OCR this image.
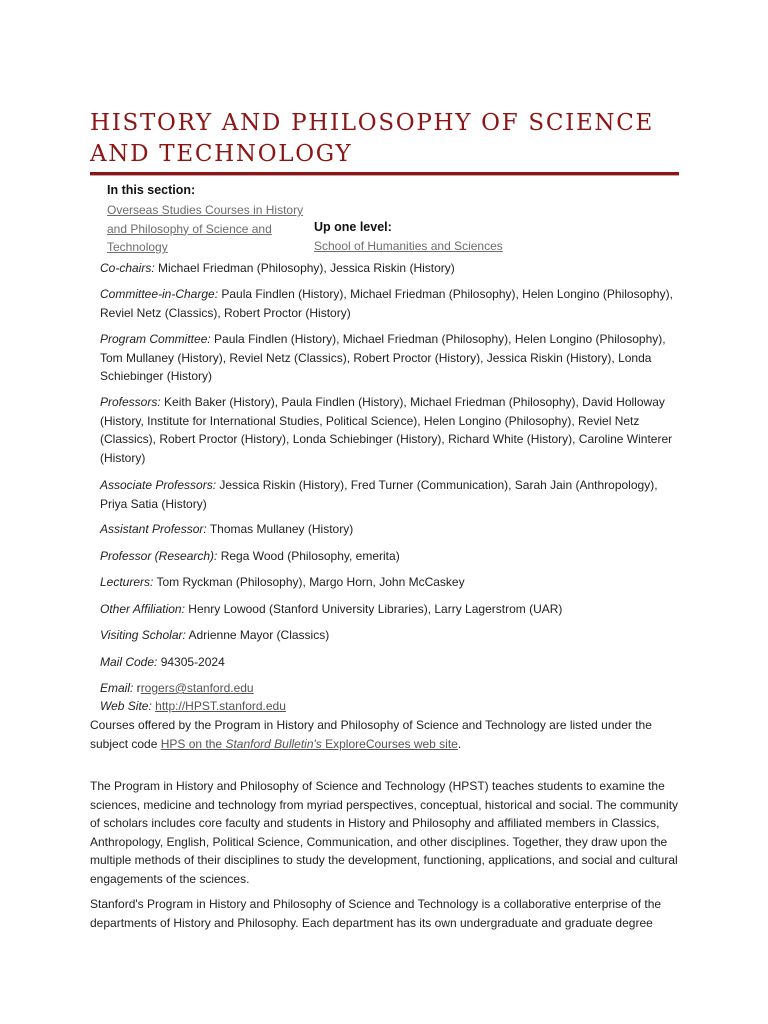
HISTORY AND PHILOSOPHY OF SCIENCE AND TECHNOLOGY
In this section:
Overseas Studies Courses in History and Philosophy of Science and Technology
Up one level:
School of Humanities and Sciences
Co-chairs: Michael Friedman (Philosophy), Jessica Riskin (History)
Committee-in-Charge: Paula Findlen (History), Michael Friedman (Philosophy), Helen Longino (Philosophy), Reviel Netz (Classics), Robert Proctor (History)
Program Committee: Paula Findlen (History), Michael Friedman (Philosophy), Helen Longino (Philosophy), Tom Mullaney (History), Reviel Netz (Classics), Robert Proctor (History), Jessica Riskin (History), Londa Schiebinger (History)
Professors: Keith Baker (History), Paula Findlen (History), Michael Friedman (Philosophy), David Holloway (History, Institute for International Studies, Political Science), Helen Longino (Philosophy), Reviel Netz (Classics), Robert Proctor (History), Londa Schiebinger (History), Richard White (History), Caroline Winterer (History)
Associate Professors: Jessica Riskin (History), Fred Turner (Communication), Sarah Jain (Anthropology), Priya Satia (History)
Assistant Professor: Thomas Mullaney (History)
Professor (Research): Rega Wood (Philosophy, emerita)
Lecturers: Tom Ryckman (Philosophy), Margo Horn, John McCaskey
Other Affiliation: Henry Lowood (Stanford University Libraries), Larry Lagerstrom (UAR)
Visiting Scholar: Adrienne Mayor (Classics)
Mail Code: 94305-2024
Email: rrogers@stanford.edu
Web Site: http://HPST.stanford.edu
Courses offered by the Program in History and Philosophy of Science and Technology are listed under the subject code HPS on the Stanford Bulletin's ExploreCourses web site.

The Program in History and Philosophy of Science and Technology (HPST) teaches students to examine the sciences, medicine and technology from myriad perspectives, conceptual, historical and social. The community of scholars includes core faculty and students in History and Philosophy and affiliated members in Classics, Anthropology, English, Political Science, Communication, and other disciplines. Together, they draw upon the multiple methods of their disciplines to study the development, functioning, applications, and social and cultural engagements of the sciences.

Stanford's Program in History and Philosophy of Science and Technology is a collaborative enterprise of the departments of History and Philosophy. Each department has its own undergraduate and graduate degree
